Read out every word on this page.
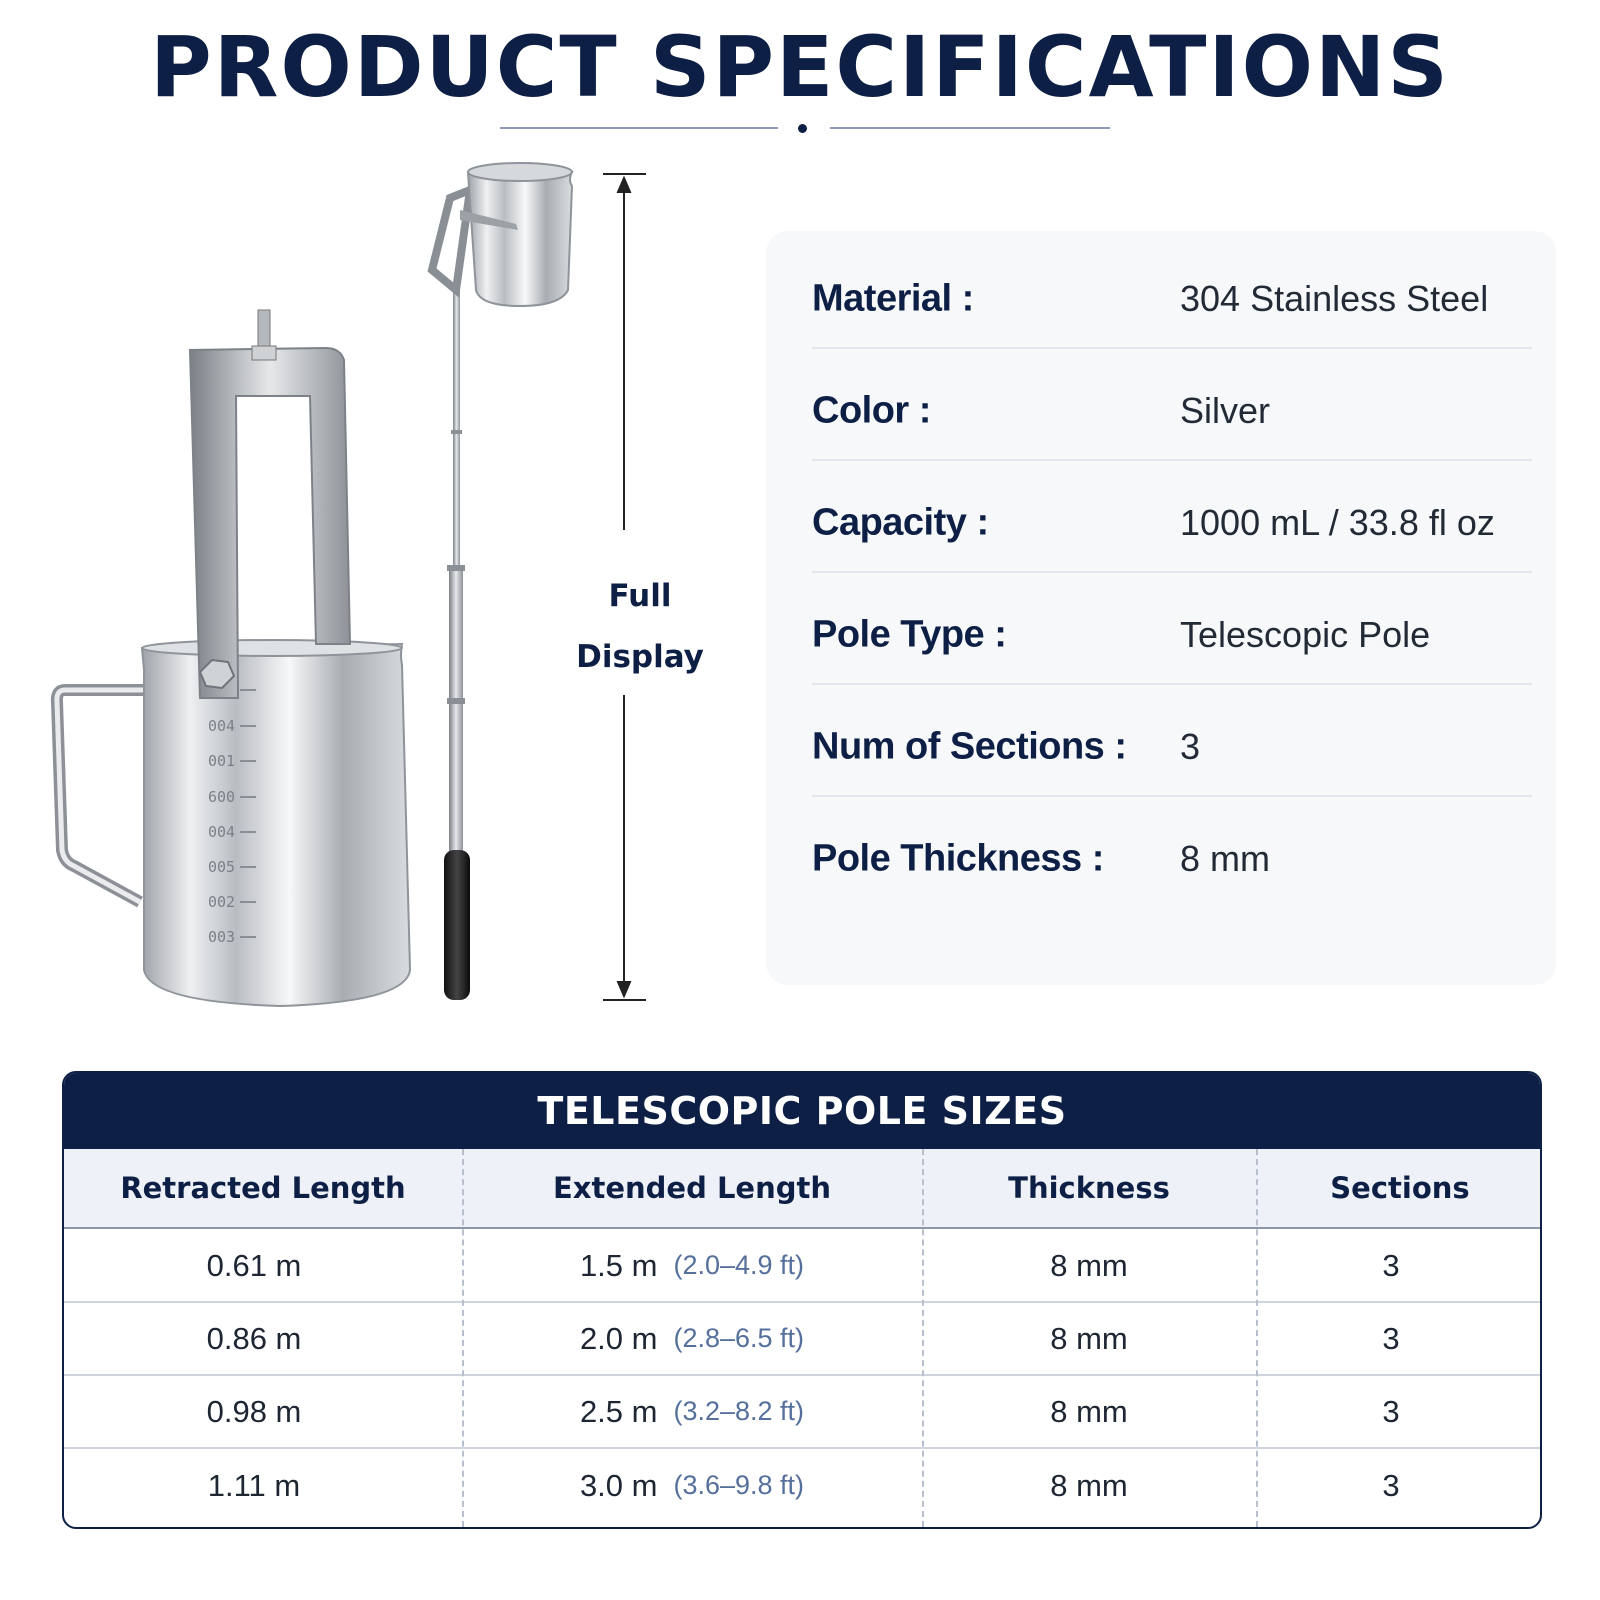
PRODUCT SPECIFICATIONS
004
001
600
004
005
002
003
Full
Display
Material :	304 Stainless Steel
Color :	Silver
Capacity :	1000 mL / 33.8 fl oz
Pole Type :	Telescopic Pole
Num of Sections : 3
Pole Thickness : 8 mm
TELESCOPIC POLE SIZES
Retracted Length	Extended Length	Thickness	Sections
0.61 m	1.5 m (2.0–4.9 ft)	8 mm	3
0.86 m	2.0 m (2.8–6.5 ft)	8 mm	3
0.98 m	2.5 m (3.2–8.2 ft)	8 mm	3
1.11 m	3.0 m (3.6–9.8 ft)	8 mm	3
